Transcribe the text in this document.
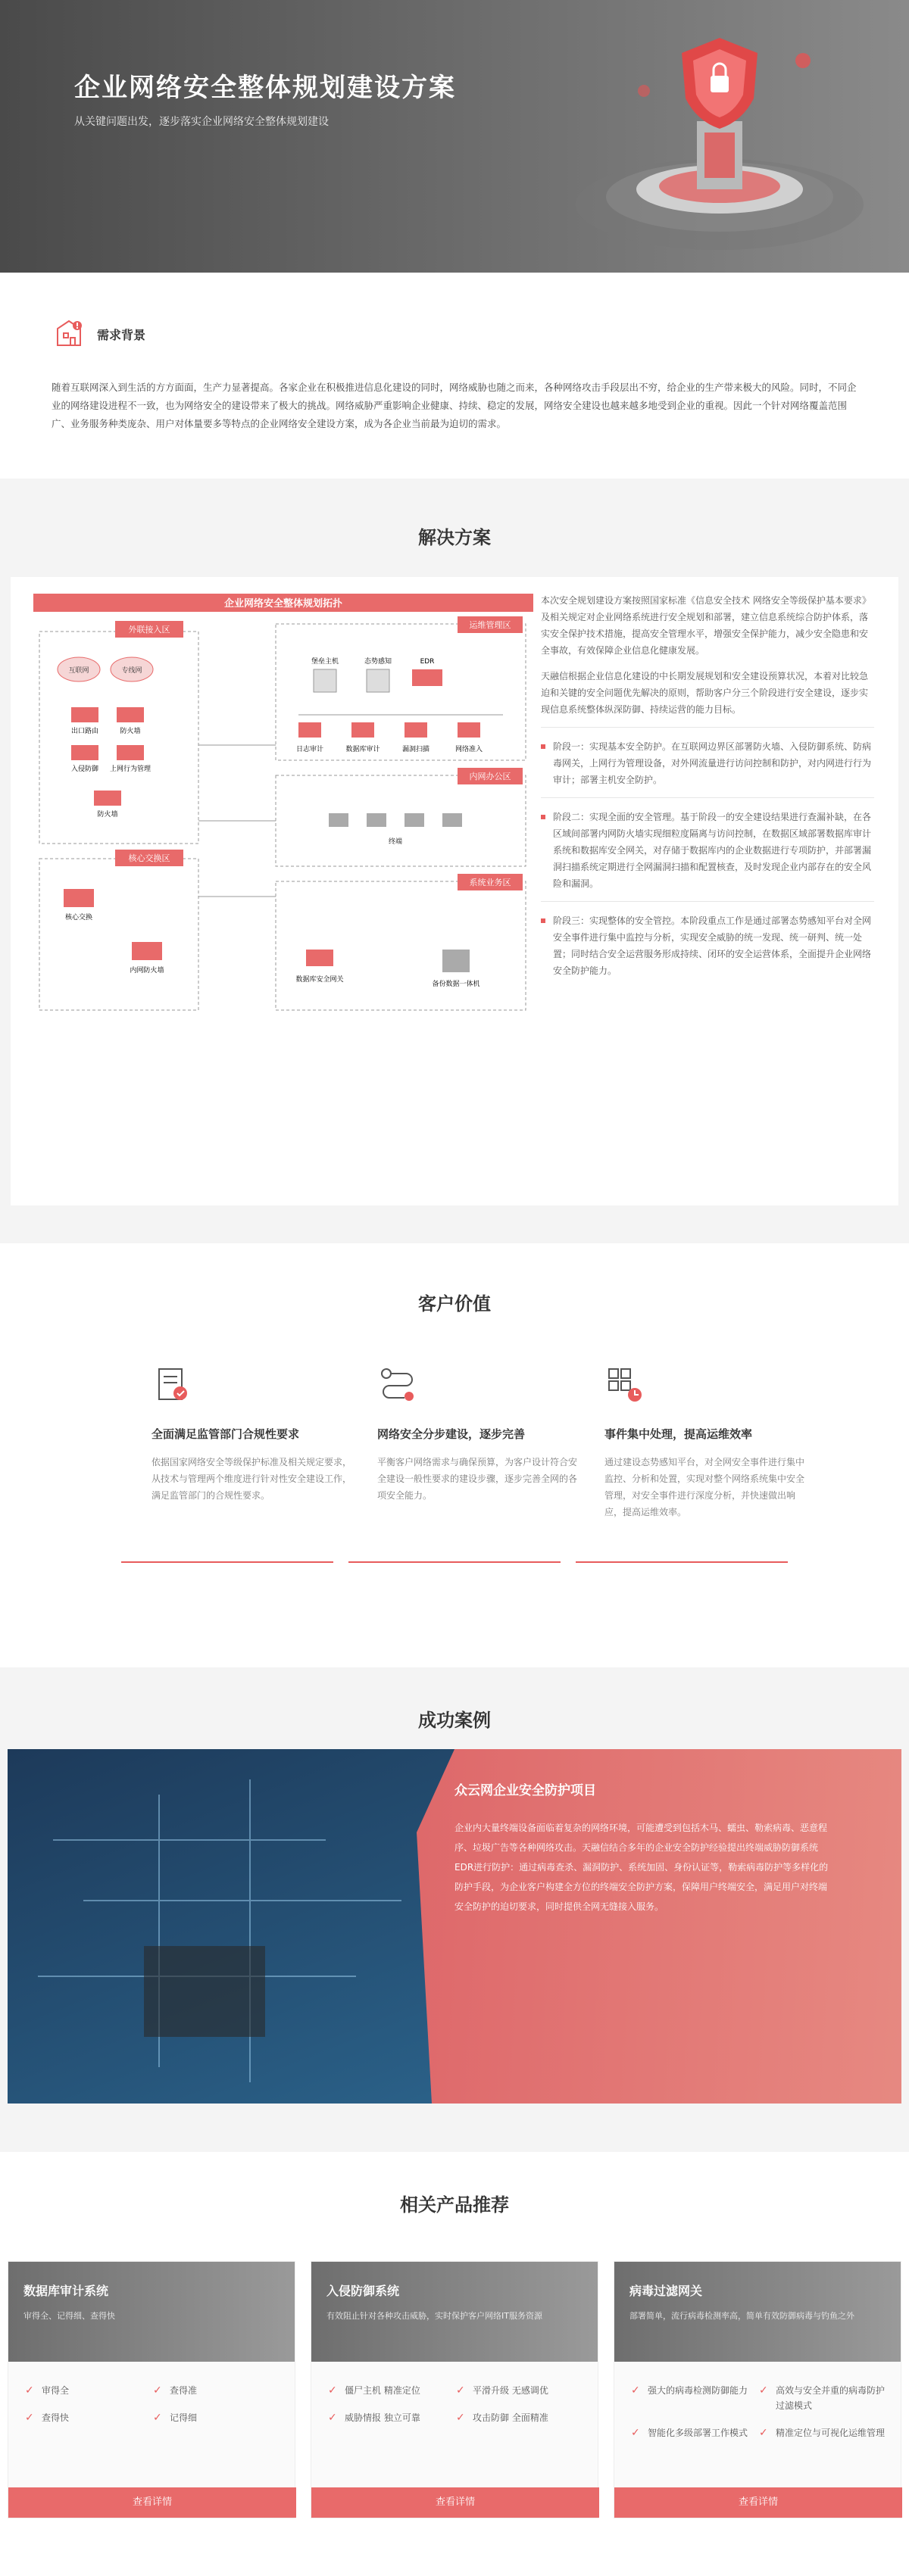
企业网络安全整体规划建设方案

从关键问题出发，逐步落实企业网络安全整体规划建设

需求背景

随着互联网深入到生活的方方面面，生产力显著提高。各家企业在积极推进信息化建设的同时，网络威胁也随之而来，各种网络攻击手段层出不穷，给企业的生产带来极大的风险。同时，不同企业的网络建设进程不一致，也为网络安全的建设带来了极大的挑战。网络威胁严重影响企业健康、持续、稳定的发展，网络安全建设也越来越多地受到企业的重视。因此一个针对网络覆盖范围广、业务服务种类庞杂、用户对体量要多等特点的企业网络安全建设方案，成为各企业当前最为迫切的需求。

解决方案
企业网络安全整体规划拓扑
外联接入区
互联网	专线网
出口路由	防火墙
入侵防御 上网行为管理
防火墙
核心交换区
核心交换
内网防火墙
运维管理区
堡垒主机	态势感知	EDR
日志审计	数据库审计	漏洞扫描	网络准入
内网办公区
终端
系统业务区
数据库安全网关
备份数据一体机

本次安全规划建设方案按照国家标准《信息安全技术 网络安全等级保护基本要求》及相关规定对企业网络系统进行安全规划和部署，建立信息系统综合防护体系，落实安全保护技术措施，提高安全管理水平，增强安全保护能力，减少安全隐患和安全事故，有效保障企业信息化健康发展。

天融信根据企业信息化建设的中长期发展规划和安全建设预算状况，本着对比较急迫和关键的安全问题优先解决的原则，帮助客户分三个阶段进行安全建设，逐步实现信息系统整体纵深防御、持续运营的能力目标。

阶段一：实现基本安全防护。在互联网边界区部署防火墙、入侵防御系统、防病毒网关，上网行为管理设备，对外网流量进行访问控制和防护，对内网进行行为审计；部署主机安全防护。

阶段二：实现全面的安全管理。基于阶段一的安全建设结果进行查漏补缺，在各区域间部署内网防火墙实现细粒度隔离与访问控制，在数据区域部署数据库审计系统和数据库安全网关，对存储于数据库内的企业数据进行专项防护，并部署漏洞扫描系统定期进行全网漏洞扫描和配置核查，及时发现企业内部存在的安全风险和漏洞。

阶段三：实现整体的安全管控。本阶段重点工作是通过部署态势感知平台对全网安全事件进行集中监控与分析，实现安全威胁的统一发现、统一研判、统一处置；同时结合安全运营服务形成持续、闭环的安全运营体系，全面提升企业网络安全防护能力。

客户价值
全面满足监管部门合规性要求
依据国家网络安全等级保护标准及相关规定要求，从技术与管理两个维度进行针对性安全建设工作，满足监管部门的合规性要求。
网络安全分步建设，逐步完善
平衡客户网络需求与确保预算，为客户设计符合安全建设一般性要求的建设步骤，逐步完善全网的各项安全能力。
事件集中处理，提高运维效率
通过建设态势感知平台，对全网安全事件进行集中监控、分析和处置，实现对整个网络系统集中安全管理，对安全事件进行深度分析，并快速做出响应，提高运维效率。
成功案例
众云网企业安全防护项目

企业内大量终端设备面临着复杂的网络环境，可能遭受到包括木马、蠕虫、勒索病毒、恶意程序、垃圾广告等各种网络攻击。天融信结合多年的企业安全防护经验提出终端威胁防御系统EDR进行防护：通过病毒查杀、漏洞防护、系统加固、身份认证等，勒索病毒防护等多样化的防护手段，为企业客户构建全方位的终端安全防护方案，保障用户终端安全，满足用户对终端安全防护的迫切要求，同时提供全网无缝接入服务。

相关产品推荐
数据库审计系统
审得全、记得细、查得快
✓ 审得全	✓ 查得准
✓ 查得快	✓ 记得细
查看详情
入侵防御系统
有效阻止针对各种攻击威胁，实时保护客户网络IT服务资源
✓ 僵尸主机 精准定位	✓ 平滑升级 无感调优
✓ 威胁情报 独立可靠	✓ 攻击防御 全面精准
查看详情
病毒过滤网关
部署简单，流行病毒检测率高，简单有效防御病毒与钓鱼之外
✓ 强大的病毒检测防御能力	✓ 高效与安全并重的病毒防护过滤模式
✓ 智能化多级部署工作模式	✓ 精准定位与可视化运维管理
查看详情
